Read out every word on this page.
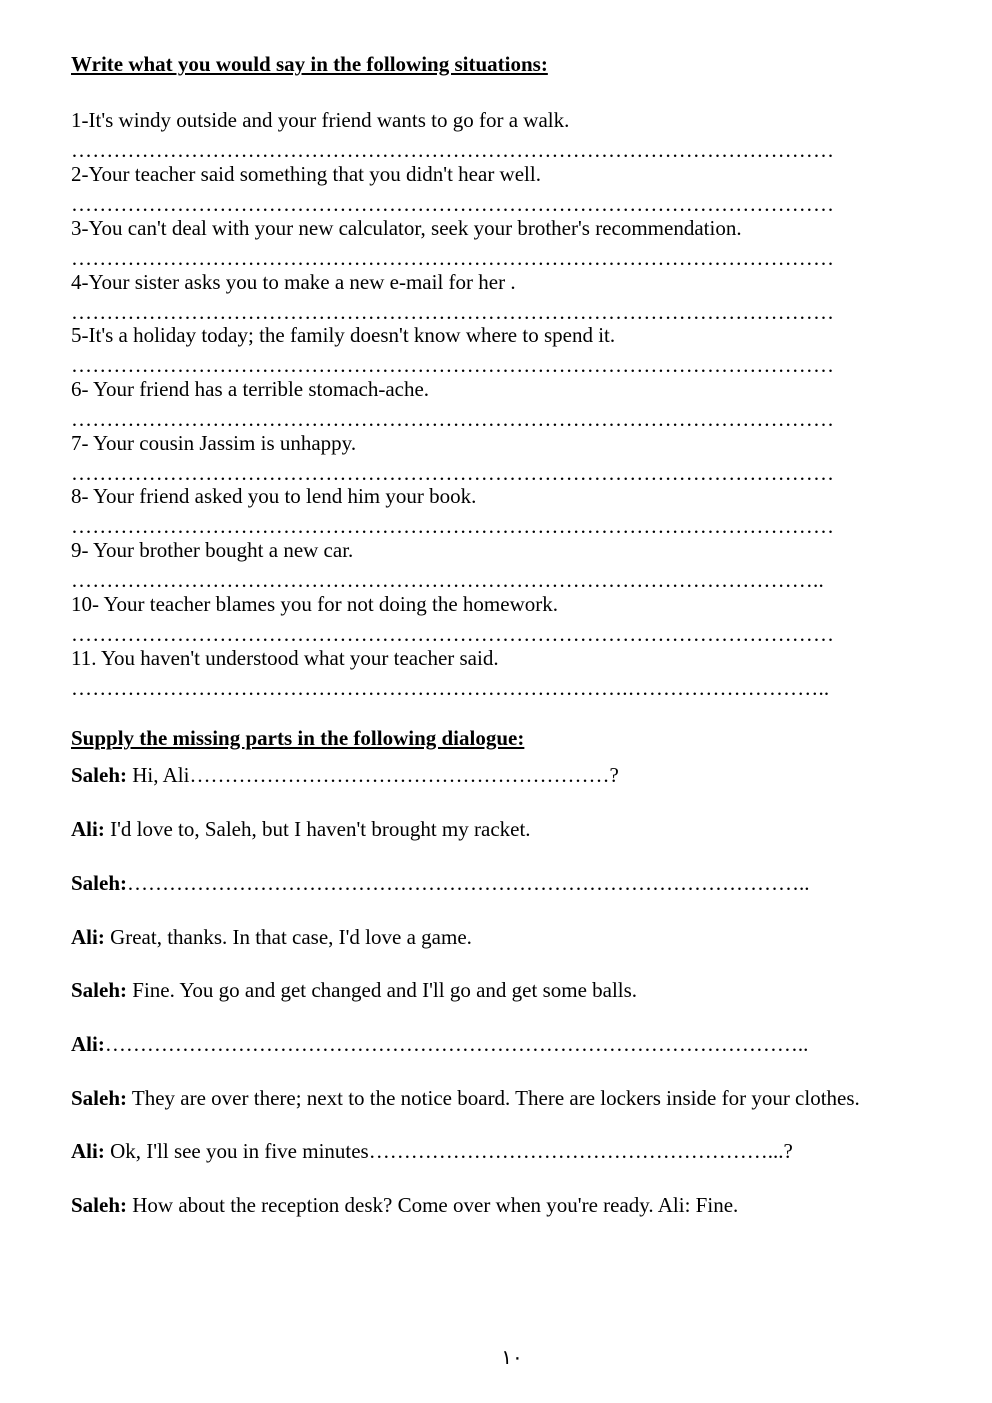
Write what you would say in the following situations:
1-It's windy outside and your friend wants to go for a walk.
………………………………………………………………………………………………
2-Your teacher said something that you didn't hear well.
………………………………………………………………………………………………
3-You can't deal with your new calculator, seek your brother's recommendation.
………………………………………………………………………………………………
4-Your sister asks you to make a new e-mail for her .
………………………………………………………………………………………………
5-It's a holiday today; the family doesn't know where to spend it.
………………………………………………………………………………………………
6- Your friend has a terrible stomach-ache.
………………………………………………………………………………………………
7- Your cousin Jassim is unhappy.
………………………………………………………………………………………………
8- Your friend asked you to lend him your book.
………………………………………………………………………………………………
9- Your brother bought a new car.
……………………………………………………………………………………………..
10- Your teacher blames you for not doing the homework.
………………………………………………………………………………………………
11. You haven't understood what your teacher said.
…………………………………………………………………….………………………..
Supply the missing parts in the following dialogue:
Saleh: Hi, Ali……………………………………………………?
Ali: I'd love to, Saleh, but I haven't brought my racket.
Saleh:……………………………………………………………………………………..
Ali: Great, thanks. In that case, I'd love a game.
Saleh: Fine. You go and get changed and I'll go and get some balls.
Ali:………………………………………………………………………………………..
Saleh: They are over there; next to the notice board. There are lockers inside for your clothes.
Ali: Ok, I'll see you in five minutes…………………………………………………...?
Saleh: How about the reception desk? Come over when you're ready. Ali: Fine.
١٠
